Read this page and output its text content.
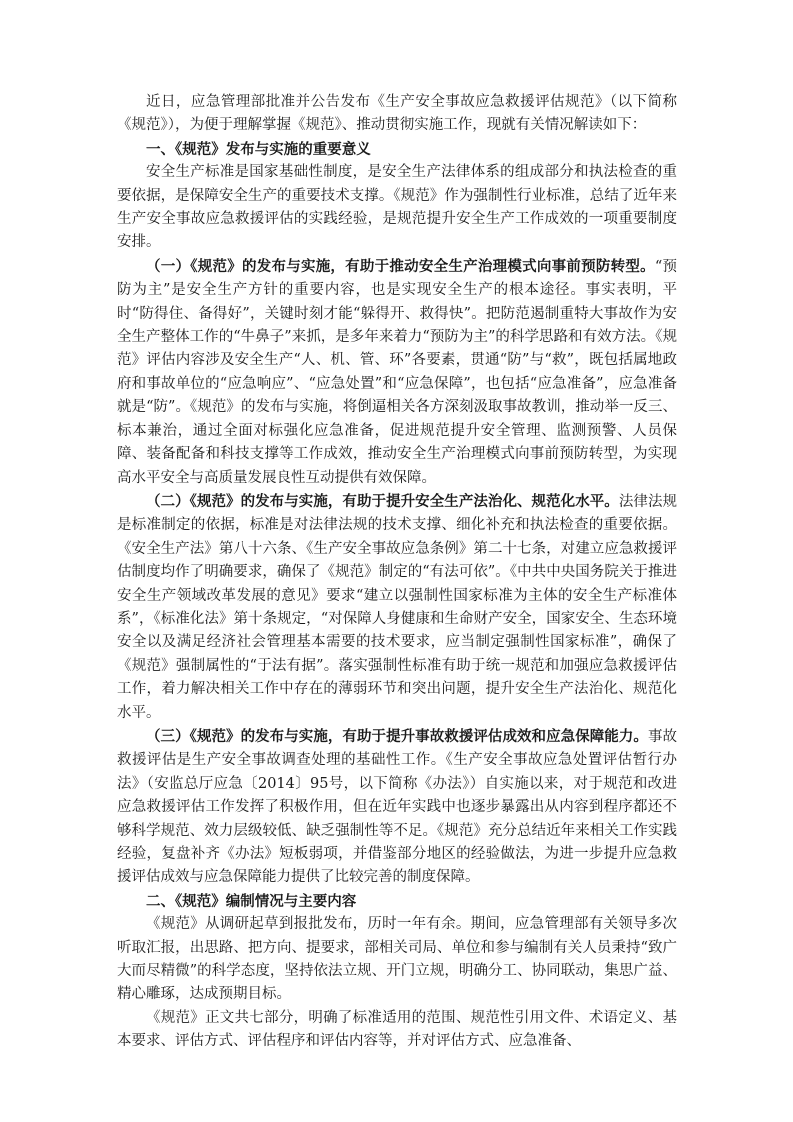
近日，应急管理部批准并公告发布《生产安全事故应急救援评估规范》（以下简称《规范》），为便于理解掌握《规范》、推动贯彻实施工作，现就有关情况解读如下：

一、《规范》发布与实施的重要意义

安全生产标准是国家基础性制度，是安全生产法律体系的组成部分和执法检查的重要依据，是保障安全生产的重要技术支撑。《规范》作为强制性行业标准，总结了近年来生产安全事故应急救援评估的实践经验，是规范提升安全生产工作成效的一项重要制度安排。

（一）《规范》的发布与实施，有助于推动安全生产治理模式向事前预防转型。“预防为主”是安全生产方针的重要内容，也是实现安全生产的根本途径。事实表明，平时“防得住、备得好”，关键时刻才能“躲得开、救得快”。把防范遏制重特大事故作为安全生产整体工作的“牛鼻子”来抓，是多年来着力“预防为主”的科学思路和有效方法。《规范》评估内容涉及安全生产“人、机、管、环”各要素，贯通“防”与“救”，既包括属地政府和事故单位的“应急响应”、“应急处置”和“应急保障”，也包括“应急准备”，应急准备就是“防”。《规范》的发布与实施，将倒逼相关各方深刻汲取事故教训，推动举一反三、标本兼治，通过全面对标强化应急准备，促进规范提升安全管理、监测预警、人员保障、装备配备和科技支撑等工作成效，推动安全生产治理模式向事前预防转型，为实现高水平安全与高质量发展良性互动提供有效保障。

（二）《规范》的发布与实施，有助于提升安全生产法治化、规范化水平。法律法规是标准制定的依据，标准是对法律法规的技术支撑、细化补充和执法检查的重要依据。《安全生产法》第八十六条、《生产安全事故应急条例》第二十七条，对建立应急救援评估制度均作了明确要求，确保了《规范》制定的“有法可依”。《中共中央国务院关于推进安全生产领域改革发展的意见》要求“建立以强制性国家标准为主体的安全生产标准体系”，《标准化法》第十条规定，“对保障人身健康和生命财产安全，国家安全、生态环境安全以及满足经济社会管理基本需要的技术要求，应当制定强制性国家标准”，确保了《规范》强制属性的“于法有据”。落实强制性标准有助于统一规范和加强应急救援评估工作，着力解决相关工作中存在的薄弱环节和突出问题，提升安全生产法治化、规范化水平。

（三）《规范》的发布与实施，有助于提升事故救援评估成效和应急保障能力。事故救援评估是生产安全事故调查处理的基础性工作。《生产安全事故应急处置评估暂行办法》（安监总厅应急〔2014〕95号，以下简称《办法》）自实施以来，对于规范和改进应急救援评估工作发挥了积极作用，但在近年实践中也逐步暴露出从内容到程序都还不够科学规范、效力层级较低、缺乏强制性等不足。《规范》充分总结近年来相关工作实践经验，复盘补齐《办法》短板弱项，并借鉴部分地区的经验做法，为进一步提升应急救援评估成效与应急保障能力提供了比较完善的制度保障。

二、《规范》编制情况与主要内容

《规范》从调研起草到报批发布，历时一年有余。期间，应急管理部有关领导多次听取汇报，出思路、把方向、提要求，部相关司局、单位和参与编制有关人员秉持“致广大而尽精微”的科学态度，坚持依法立规、开门立规，明确分工、协同联动，集思广益、精心雕琢，达成预期目标。

《规范》正文共七部分，明确了标准适用的范围、规范性引用文件、术语定义、基本要求、评估方式、评估程序和评估内容等，并对评估方式、应急准备、
